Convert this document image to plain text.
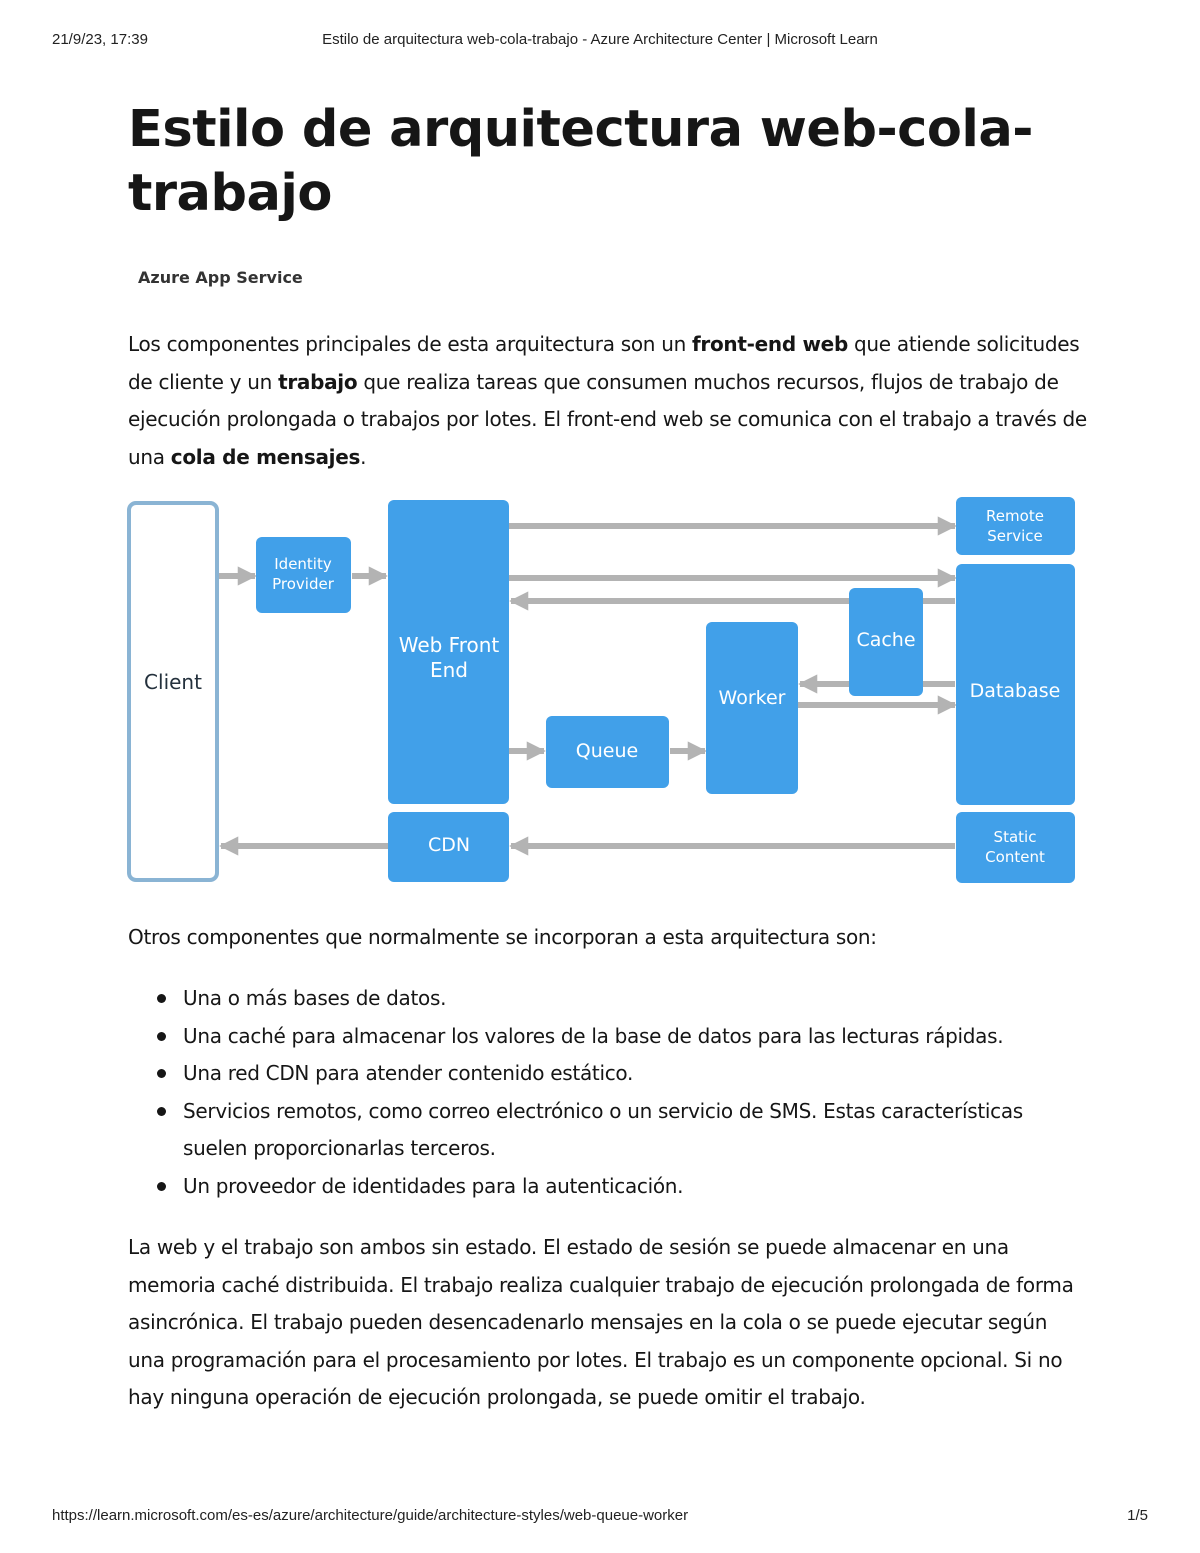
21/9/23, 17:39	Estilo de arquitectura web-cola-trabajo - Azure Architecture Center | Microsoft Learn
Estilo de arquitectura web-cola-
trabajo
Azure App Service

Los componentes principales de esta arquitectura son un front-end web que atiende solicitudes de cliente y un trabajo que realiza tareas que consumen muchos recursos, flujos de trabajo de ejecución prolongada o trabajos por lotes. El front-end web se comunica con el trabajo a través de una cola de mensajes.

Client
Identity
Provider
Web Front
End
Queue
Worker
Cache
Remote
Service
Database
CDN	Static
Content

Otros componentes que normalmente se incorporan a esta arquitectura son:

Una o más bases de datos.
Una caché para almacenar los valores de la base de datos para las lecturas rápidas.
Una red CDN para atender contenido estático.
Servicios remotos, como correo electrónico o un servicio de SMS. Estas características suelen proporcionarlas terceros.
Un proveedor de identidades para la autenticación.

La web y el trabajo son ambos sin estado. El estado de sesión se puede almacenar en una memoria caché distribuida. El trabajo realiza cualquier trabajo de ejecución prolongada de forma asincrónica. El trabajo pueden desencadenarlo mensajes en la cola o se puede ejecutar según una programación para el procesamiento por lotes. El trabajo es un componente opcional. Si no hay ninguna operación de ejecución prolongada, se puede omitir el trabajo.

https://learn.microsoft.com/es-es/azure/architecture/guide/architecture-styles/web-queue-worker	1/5
